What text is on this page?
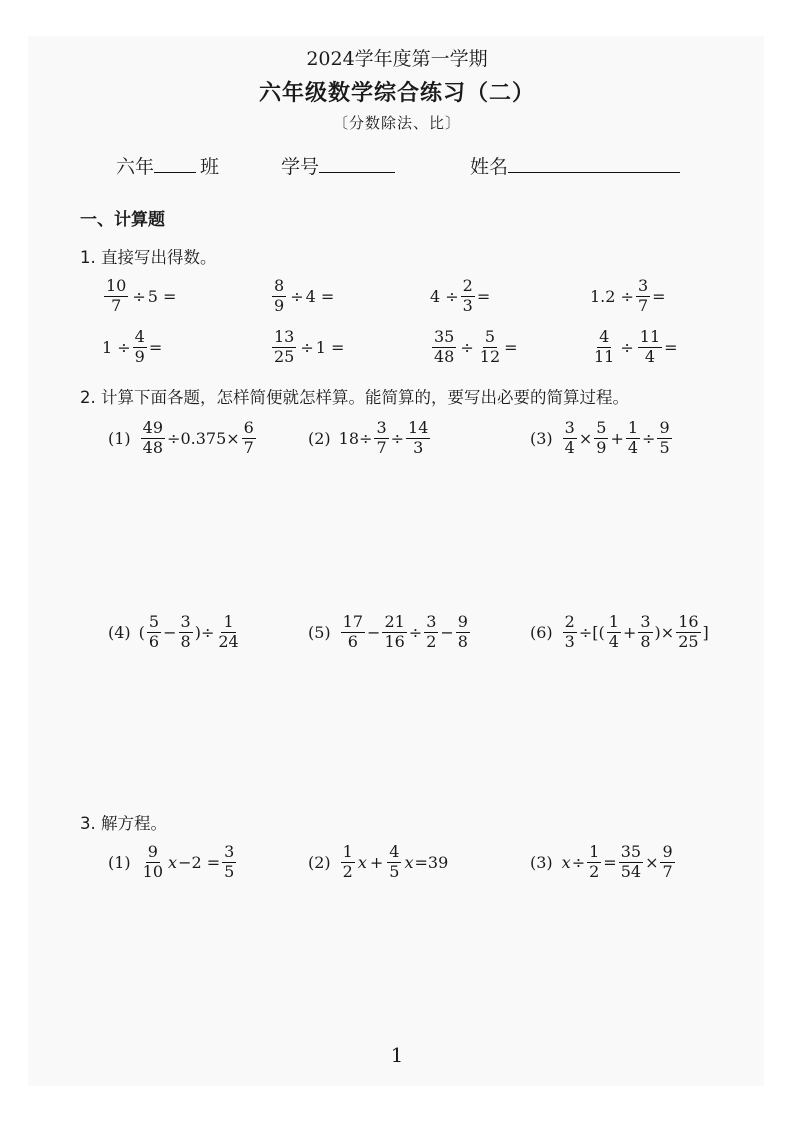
2024学年度第一学期
六年级数学综合练习（二）
〔分数除法、比〕
六年 班	学号	姓名
一、计算题
1. 直接写出得数。
$\frac{10}{7} \div 5$ =	$\frac{8}{9} \div 4$ =	$4 \div \frac{2}{3}$ =	$1.2 \div \frac{3}{7}$ =
$1 \div \frac{4}{9}$ =	$\frac{13}{25} \div 1$ =	$\frac{35}{48} \div \frac{5}{12}$ =	$\frac{4}{11} \div \frac{11}{4}$ =
2. 计算下面各题，怎样简便就怎样算。能简算的，要写出必要的简算过程。
$(1) \frac{49}{48} \div 0.375\times \frac{6}{7}$	(2) $18\div \frac{3}{7} \div \frac{14}{3}$	$(3) \frac{3}{4} \times \frac{5}{9} + \frac{1}{4} \div \frac{9}{5}$
(4) ( $\frac{5}{6} - \frac{3}{8}$ )÷ $\frac{1}{24}$	$(5) \frac{17}{6} - \frac{21}{16} \div \frac{3}{2} - \frac{9}{8}$	$(6) \frac{2}{3}$ ÷[( $\frac{1}{4} + \frac{3}{8}$ )× $\frac{16}{25}$ ]
3. 解方程。
$(1) \frac{9}{10}$ $x -2 = \frac{3}{5}$	$(2) \frac{1}{2}$ $x + \frac{4}{5}$ x =39	(3) $x \div \frac{1}{2} = \frac{35}{54} \times \frac{9}{7}$
1
